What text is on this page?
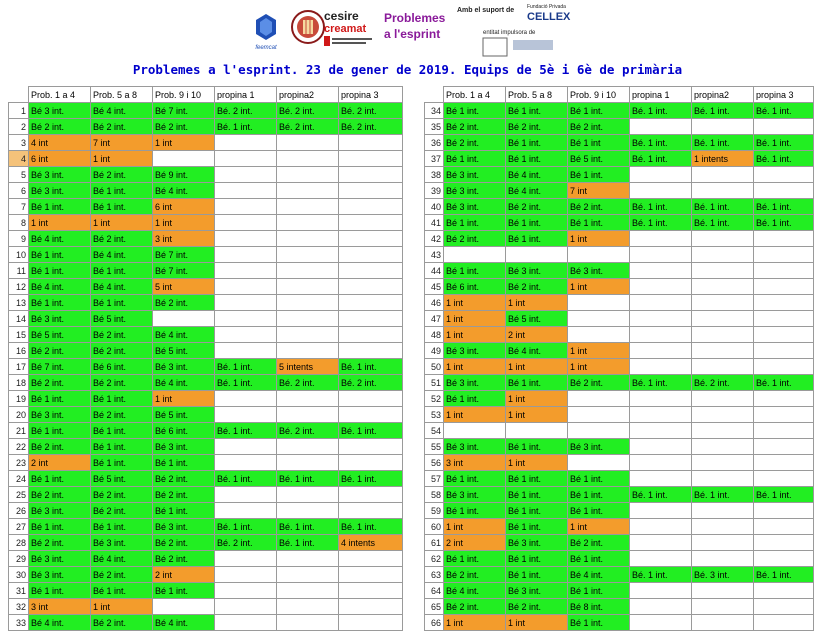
feemcat
cesire
creamat
Problemes
a l'esprint
Amb el suport de	Fundació Privada
CELLEX
entitat impulsora de
Problemes a l'esprint. 23 de gener de 2019. Equips de 5è i 6è de primària
	Prob. 1 a 4	Prob. 5 a 8	Prob. 9 i 10	propina 1	propina2	propina 3
1	Bé 3 int.	Bé 4 int.	Bé 7 int.	Bé. 2 int.	Bé. 2 int.	Bé. 2 int.
2	Bé 2 int.	Bé 2 int.	Bé 2 int.	Bé. 1 int.	Bé. 2 int.	Bé. 2 int.
3	4 int	7 int	1 int			
4	6 int	1 int				
5	Bé 3 int.	Bé 2 int.	Bé 9 int.			
6	Bé 3 int.	Bé 1 int.	Bé 4 int.			
7	Bé 1 int.	Bé 1 int.	6 int			
8	1 int	1 int	1 int			
9	Bé 4 int.	Bé 2 int.	3 int			
10	Bé 1 int.	Bé 4 int.	Bé 7 int.			
11	Bé 1 int.	Bé 1 int.	Bé 7 int.			
12	Bé 4 int.	Bé 4 int.	5 int			
13	Bé 1 int.	Bé 1 int.	Bé 2 int.			
14	Bé 3 int.	Bé 5 int.				
15	Bé 5 int.	Bé 2 int.	Bé 4 int.			
16	Bé 2 int.	Bé 2 int.	Bé 5 int.			
17	Bé 7 int.	Bé 6 int.	Bé 3 int.	Bé. 1 int.	5 intents	Bé. 1 int.
18	Bé 2 int.	Bé 2 int.	Bé 4 int.	Bé. 1 int.	Bé. 2 int.	Bé. 2 int.
19	Bé 1 int.	Bé 1 int.	1 int			
20	Bé 3 int.	Bé 2 int.	Bé 5 int.			
21	Bé 1 int.	Bé 1 int.	Bé 6 int.	Bé. 1 int.	Bé. 2 int.	Bé. 1 int.
22	Bé 2 int.	Bé 1 int.	Bé 3 int.			
23	2 int	Bé 1 int.	Bé 1 int.			
24	Bé 1 int.	Bé 5 int.	Bé 2 int.	Bé. 1 int.	Bé. 1 int.	Bé. 1 int.
25	Bé 2 int.	Bé 2 int.	Bé 2 int.			
26	Bé 3 int.	Bé 2 int.	Bé 1 int.			
27	Bé 1 int.	Bé 1 int.	Bé 3 int.	Bé. 1 int.	Bé. 1 int.	Bé. 1 int.
28	Bé 2 int.	Bé 3 int.	Bé 2 int.	Bé. 2 int.	Bé. 1 int.	4 intents
29	Bé 3 int.	Bé 4 int.	Bé 2 int.			
30	Bé 3 int.	Bé 2 int.	2 int			
31	Bé 1 int.	Bé 1 int.	Bé 1 int.			
32	3 int	1 int				
33	Bé 4 int.	Bé 2 int.	Bé 4 int.			
	Prob. 1 a 4	Prob. 5 a 8	Prob. 9 i 10	propina 1	propina2	propina 3
34	Bé 1 int.	Bé 1 int.	Bé 1 int.	Bé. 1 int.	Bé. 1 int.	Bé. 1 int.
35	Bé 2 int.	Bé 2 int.	Bé 2 int.			
36	Bé 2 int.	Bé 1 int.	Bé 1 int	Bé. 1 int.	Bé. 1 int.	Bé. 1 int.
37	Bé 1 int.	Bé 1 int.	Bé 5 int.	Bé. 1 int.	1 intents	Bé. 1 int.
38	Bé 3 int.	Bé 4 int.	Bé 1 int.			
39	Bé 3 int.	Bé 4 int.	7 int			
40	Bé 3 int.	Bé 2 int.	Bé 2 int.	Bé. 1 int.	Bé. 1 int.	Bé. 1 int.
41	Bé 1 int.	Bé 1 int.	Bé 1 int.	Bé. 1 int.	Bé. 1 int.	Bé. 1 int.
42	Bé 2 int.	Bé 1 int.	1 int			
43						
44	Bé 1 int.	Bé 3 int.	Bé 3 int.			
45	Bé 6 int.	Bé 2 int.	1 int			
46	1 int	1 int				
47	1 int	Bé 5 int.				
48	1 int	2 int				
49	Bé 3 int.	Bé 4 int.	1 int			
50	1 int	1 int	1 int			
51	Bé 3 int.	Bé 1 int.	Bé 2 int.	Bé. 1 int.	Bé. 2 int.	Bé. 1 int.
52	Bé 1 int.	1 int				
53	1 int	1 int				
54						
55	Bé 3 int.	Bé 1 int.	Bé 3 int.			
56	3 int	1 int				
57	Bé 1 int.	Bé 1 int.	Bé 1 int.			
58	Bé 3 int.	Bé 1 int.	Bé 1 int.	Bé. 1 int.	Bé. 1 int.	Bé. 1 int.
59	Bé 1 int.	Bé 1 int.	Bé 1 int.			
60	1 int	Bé 1 int.	1 int			
61	2 int	Bé 3 int.	Bé 2 int.			
62	Bé 1 int.	Bé 1 int.	Bé 1 int.			
63	Bé 2 int.	Bé 1 int.	Bé 4 int.	Bé. 1 int.	Bé. 3 int.	Bé. 1 int.
64	Bé 4 int.	Bé 3 int.	Bé 1 int.			
65	Bé 2 int.	Bé 2 int.	Bé 8 int.			
66	1 int	1 int	Bé 1 int.			
